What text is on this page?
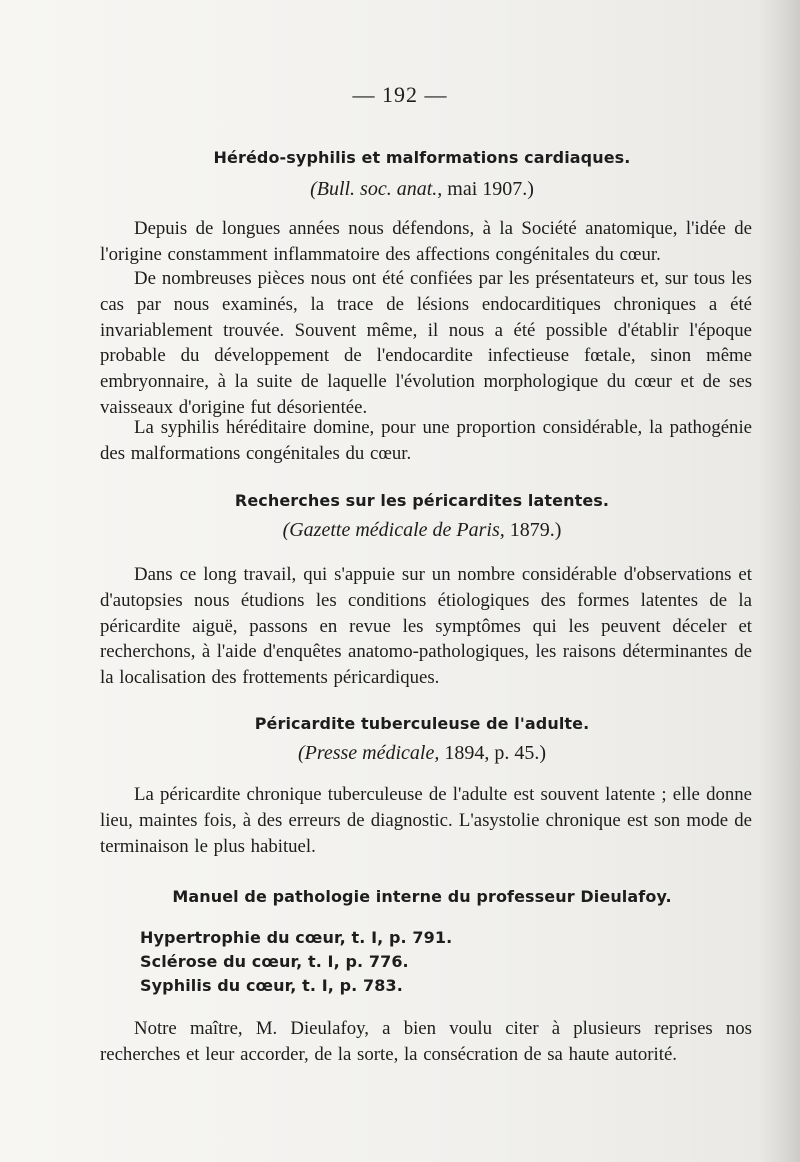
— 192 —
Hérédo-syphilis et malformations cardiaques.
(Bull. soc. anat., mai 1907.)

Depuis de longues années nous défendons, à la Société anatomique, l'idée de l'origine constamment inflammatoire des affections congénitales du cœur.

De nombreuses pièces nous ont été confiées par les présentateurs et, sur tous les cas par nous examinés, la trace de lésions endocarditiques chroniques a été invariablement trouvée. Souvent même, il nous a été possible d'établir l'époque probable du développement de l'endocardite infectieuse fœtale, sinon même embryonnaire, à la suite de laquelle l'évolution morphologique du cœur et de ses vaisseaux d'origine fut désorientée.

La syphilis héréditaire domine, pour une proportion considérable, la pathogénie des malformations congénitales du cœur.

Recherches sur les péricardites latentes.
(Gazette médicale de Paris, 1879.)

Dans ce long travail, qui s'appuie sur un nombre considérable d'observations et d'autopsies nous étudions les conditions étiologiques des formes latentes de la péricardite aiguë, passons en revue les symptômes qui les peuvent déceler et recherchons, à l'aide d'enquêtes anatomo-pathologiques, les raisons déterminantes de la localisation des frottements péricardiques.

Péricardite tuberculeuse de l'adulte.
(Presse médicale, 1894, p. 45.)

La péricardite chronique tuberculeuse de l'adulte est souvent latente ; elle donne lieu, maintes fois, à des erreurs de diagnostic. L'asystolie chronique est son mode de terminaison le plus habituel.

Manuel de pathologie interne du professeur Dieulafoy.
Hypertrophie du cœur, t. I, p. 791.
Sclérose du cœur, t. I, p. 776.
Syphilis du cœur, t. I, p. 783.

Notre maître, M. Dieulafoy, a bien voulu citer à plusieurs reprises nos recherches et leur accorder, de la sorte, la consécration de sa haute autorité.
